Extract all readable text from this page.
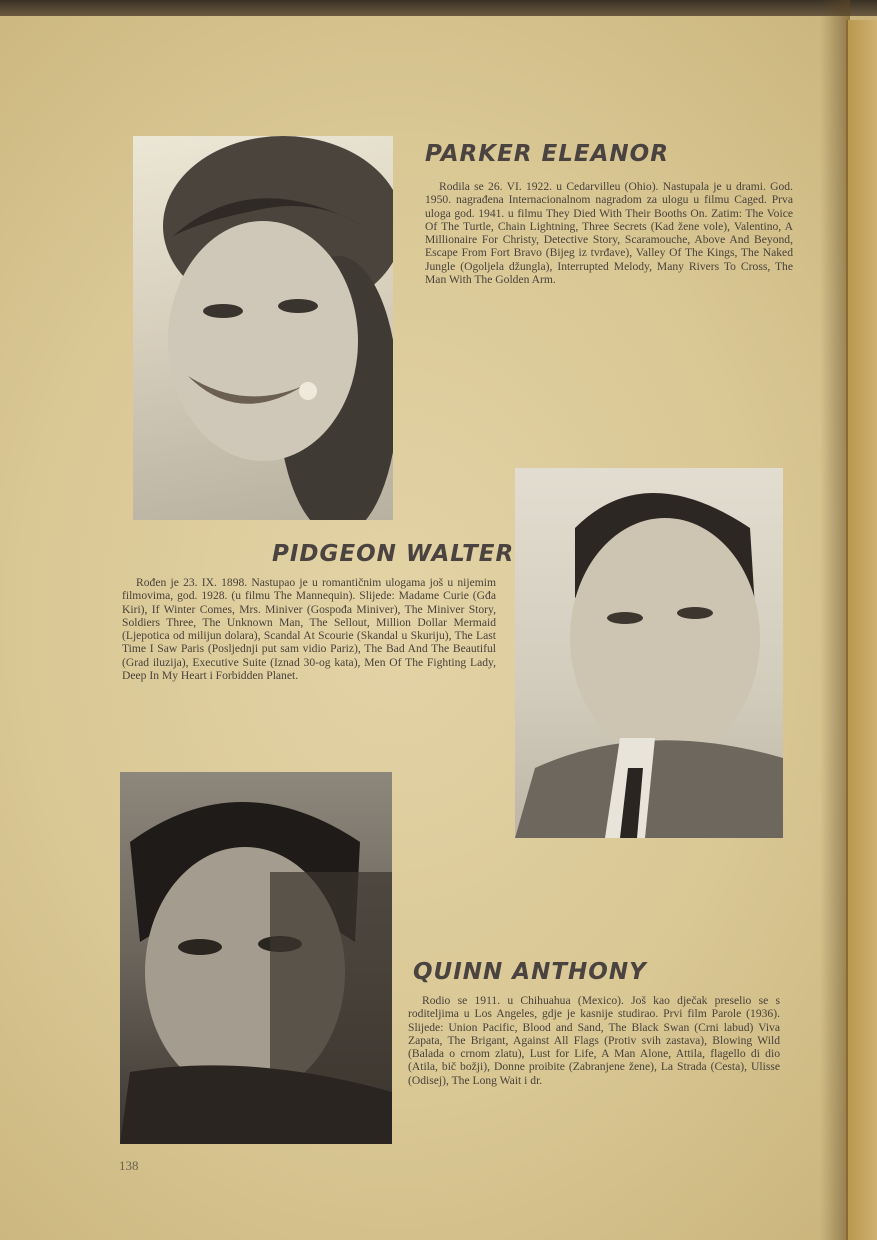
PARKER ELEANOR

Rodila se 26. VI. 1922. u Cedarvilleu (Ohio). Nastupala je u drami. God. 1950. nagrađena Internacionalnom nagradom za ulogu u filmu Caged. Prva uloga god. 1941. u filmu They Died With Their Booths On. Zatim: The Voice Of The Turtle, Chain Lightning, Three Secrets (Kad žene vole), Valentino, A Millionaire For Christy, Detective Story, Scaramouche, Above And Beyond, Escape From Fort Bravo (Bijeg iz tvrđave), Valley Of The Kings, The Naked Jungle (Ogoljela džungla), Interrupted Melody, Many Rivers To Cross, The Man With The Golden Arm.

PIDGEON WALTER

Rođen je 23. IX. 1898. Nastupao je u romantičnim ulogama još u nijemim filmovima, god. 1928. (u filmu The Mannequin). Slijede: Madame Curie (Gđa Kiri), If Winter Comes, Mrs. Miniver (Gospođa Miniver), The Miniver Story, Soldiers Three, The Unknown Man, The Sellout, Million Dollar Mermaid (Ljepotica od milijun dolara), Scandal At Scourie (Skandal u Skuriju), The Last Time I Saw Paris (Posljednji put sam vidio Pariz), The Bad And The Beautiful (Grad iluzija), Executive Suite (Iznad 30-og kata), Men Of The Fighting Lady, Deep In My Heart i Forbidden Planet.

QUINN ANTHONY

Rodio se 1911. u Chihuahua (Mexico). Još kao dječak preselio se s roditeljima u Los Angeles, gdje je kasnije studirao. Prvi film Parole (1936). Slijede: Union Pacific, Blood and Sand, The Black Swan (Crni labud) Viva Zapata, The Brigant, Against All Flags (Protiv svih zastava), Blowing Wild (Balada o crnom zlatu), Lust for Life, A Man Alone, Attila, flagello di dio (Atila, bič božji), Donne proibite (Zabranjene žene), La Strada (Cesta), Ulisse (Odisej), The Long Wait i dr.

138
